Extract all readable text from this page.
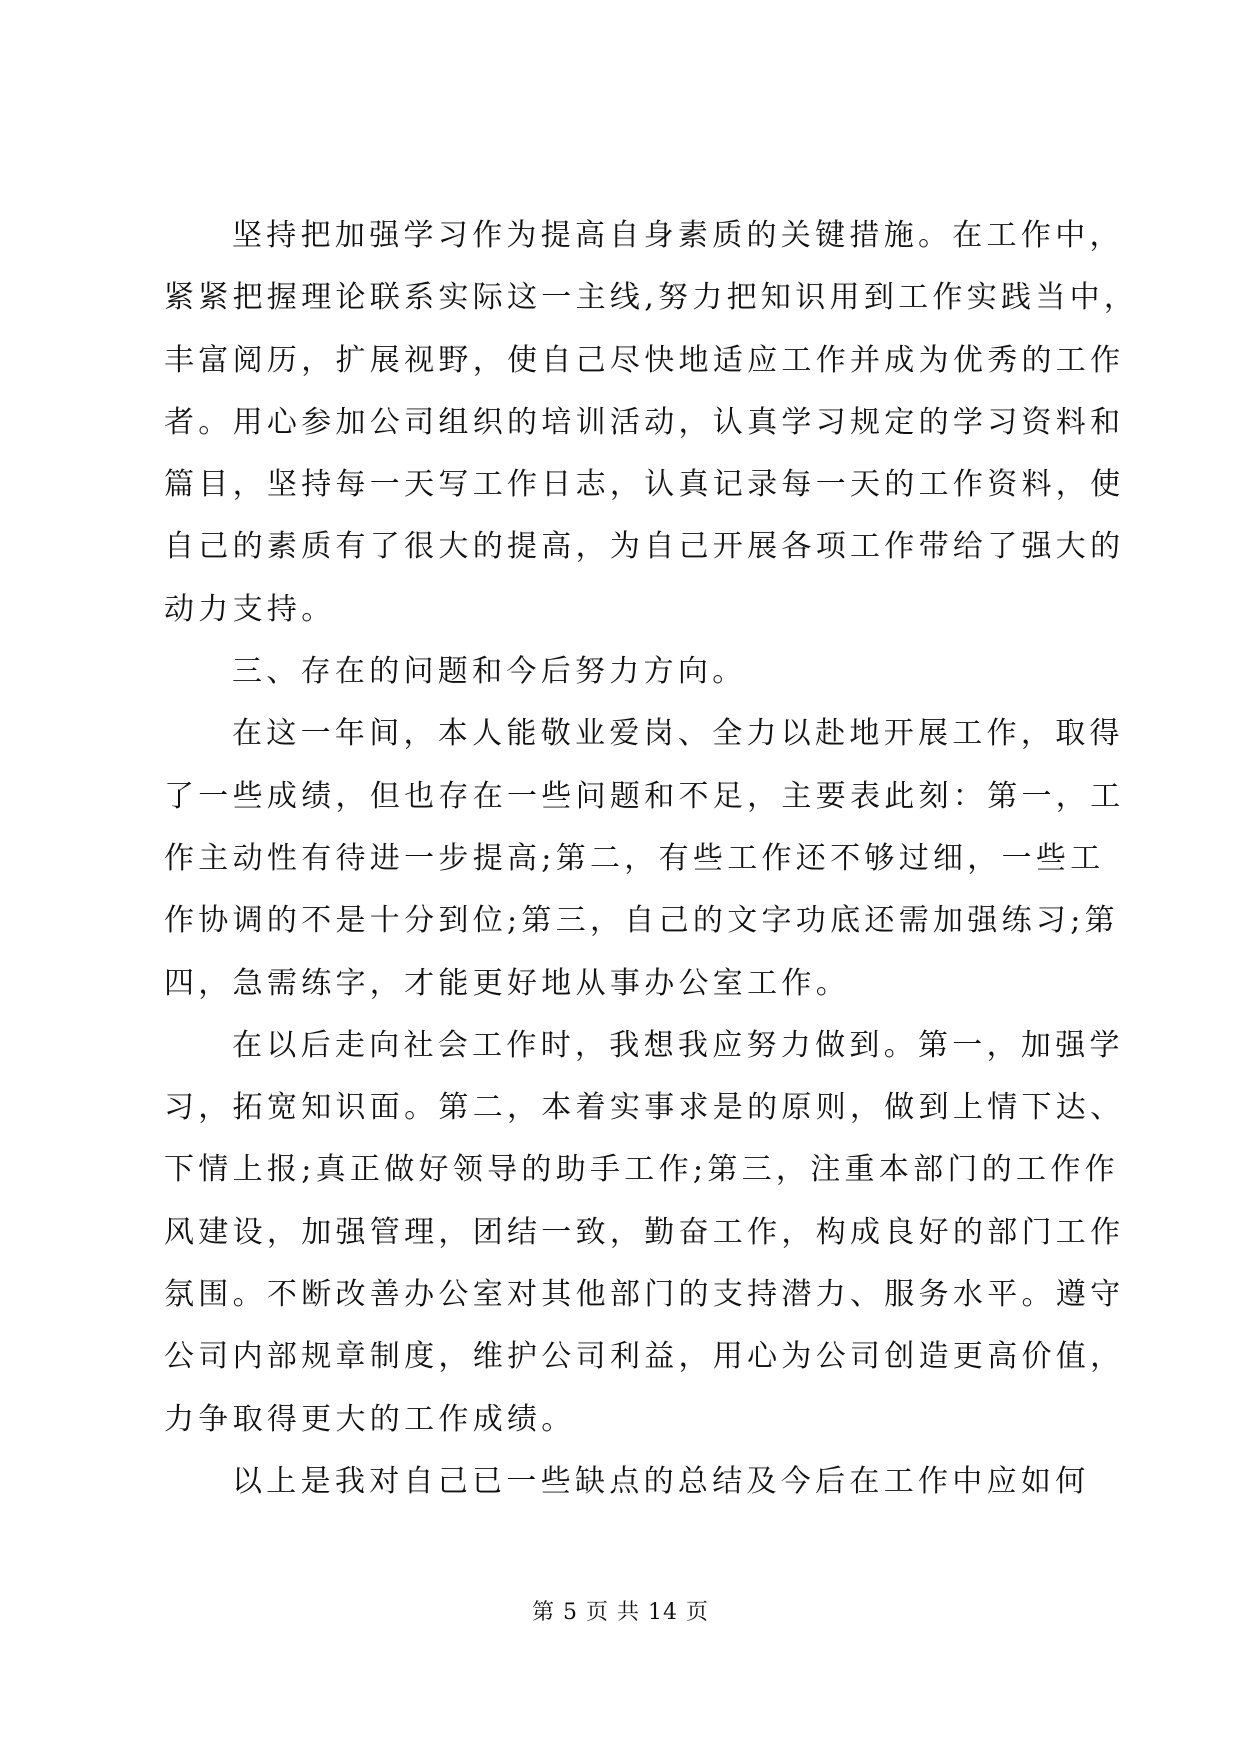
坚持把加强学习作为提高自身素质的关键措施。在工作中，
紧紧把握理论联系实际这一主线,努力把知识用到工作实践当中，
丰富阅历，扩展视野，使自己尽快地适应工作并成为优秀的工作
者。用心参加公司组织的培训活动，认真学习规定的学习资料和
篇目，坚持每一天写工作日志，认真记录每一天的工作资料，使
自己的素质有了很大的提高，为自己开展各项工作带给了强大的
动力支持。
三、存在的问题和今后努力方向。
在这一年间，本人能敬业爱岗、全力以赴地开展工作，取得
了一些成绩，但也存在一些问题和不足，主要表此刻：第一，工
作主动性有待进一步提高;第二，有些工作还不够过细，一些工
作协调的不是十分到位;第三，自己的文字功底还需加强练习;第
四，急需练字，才能更好地从事办公室工作。
在以后走向社会工作时，我想我应努力做到。第一，加强学
习，拓宽知识面。第二，本着实事求是的原则，做到上情下达、
下情上报;真正做好领导的助手工作;第三，注重本部门的工作作
风建设，加强管理，团结一致，勤奋工作，构成良好的部门工作
氛围。不断改善办公室对其他部门的支持潜力、服务水平。遵守
公司内部规章制度，维护公司利益，用心为公司创造更高价值，
力争取得更大的工作成绩。
以上是我对自己已一些缺点的总结及今后在工作中应如何
第 5 页 共 14 页
